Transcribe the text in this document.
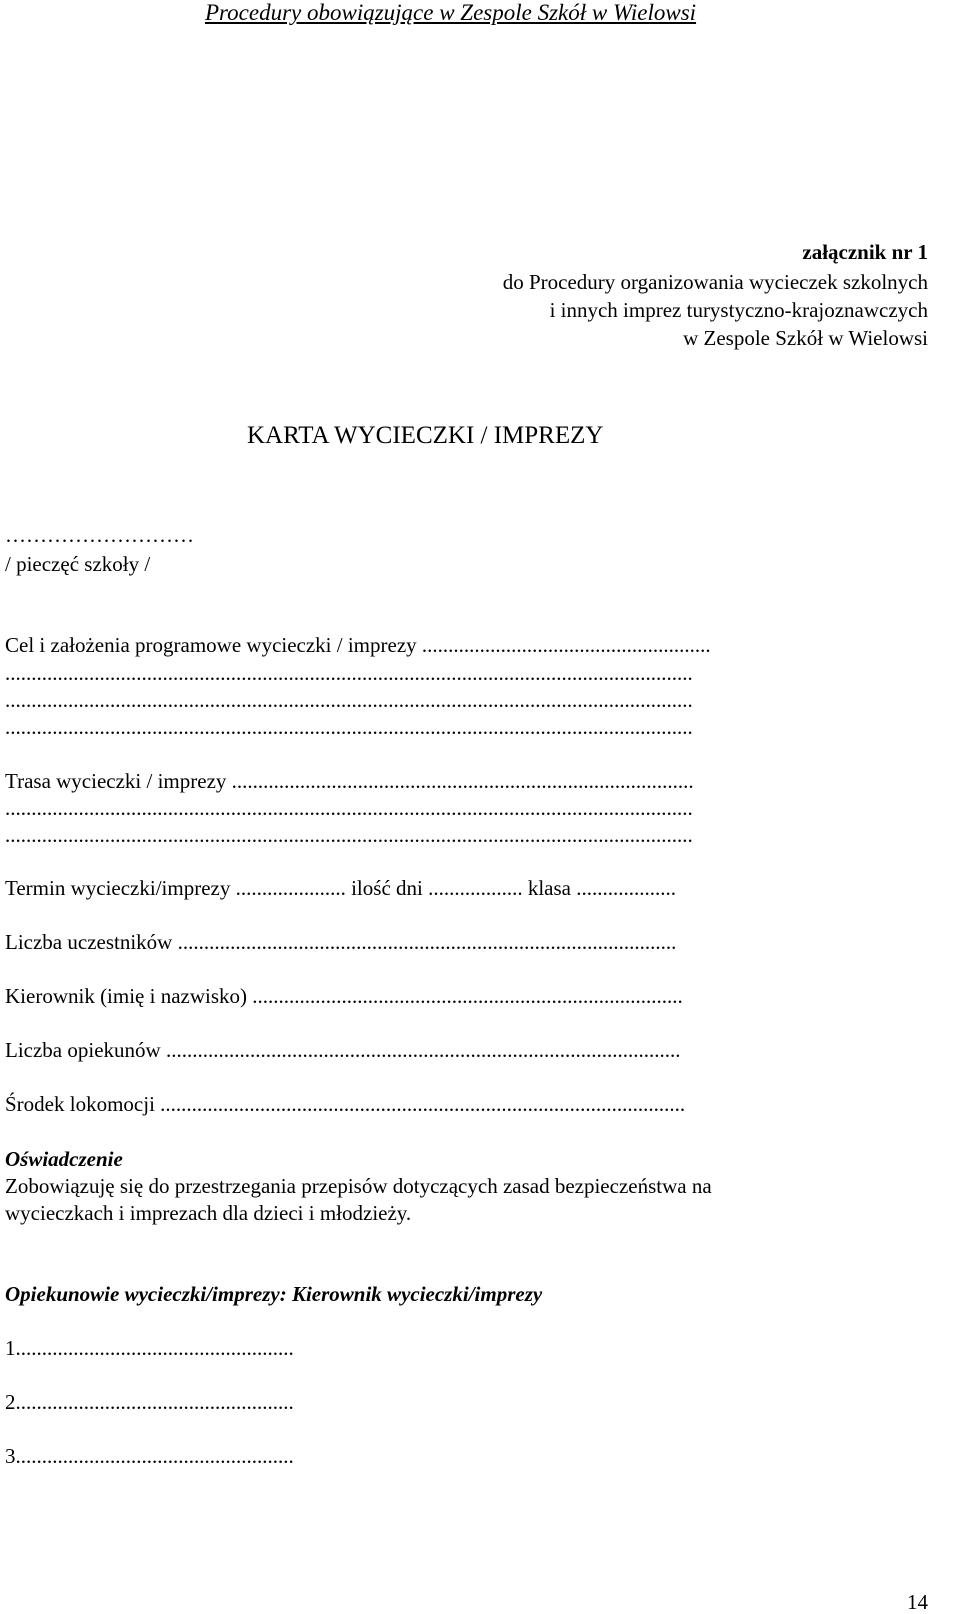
Procedury obowiązujące w Zespole Szkół w Wielowsi
załącznik nr 1
do Procedury organizowania wycieczek szkolnych
i innych imprez turystyczno-krajoznawczych
w Zespole Szkół w Wielowsi
KARTA WYCIECZKI / IMPREZY
………………………
/ pieczęć szkoły /
Cel i założenia programowe wycieczki / imprezy .......................................................
...................................................................................................................................
...................................................................................................................................
...................................................................................................................................
Trasa wycieczki / imprezy ........................................................................................
...................................................................................................................................
...................................................................................................................................
Termin wycieczki/imprezy ..................... ilość dni .................. klasa ...................
Liczba uczestników ...............................................................................................
Kierownik (imię i nazwisko) ..................................................................................
Liczba opiekunów ..................................................................................................
Środek lokomocji ....................................................................................................
Oświadczenie
Zobowiązuję się do przestrzegania przepisów dotyczących zasad bezpieczeństwa na
wycieczkach i imprezach dla dzieci i młodzieży.
Opiekunowie wycieczki/imprezy: Kierownik wycieczki/imprezy
1.....................................................
2.....................................................
3.....................................................
14
